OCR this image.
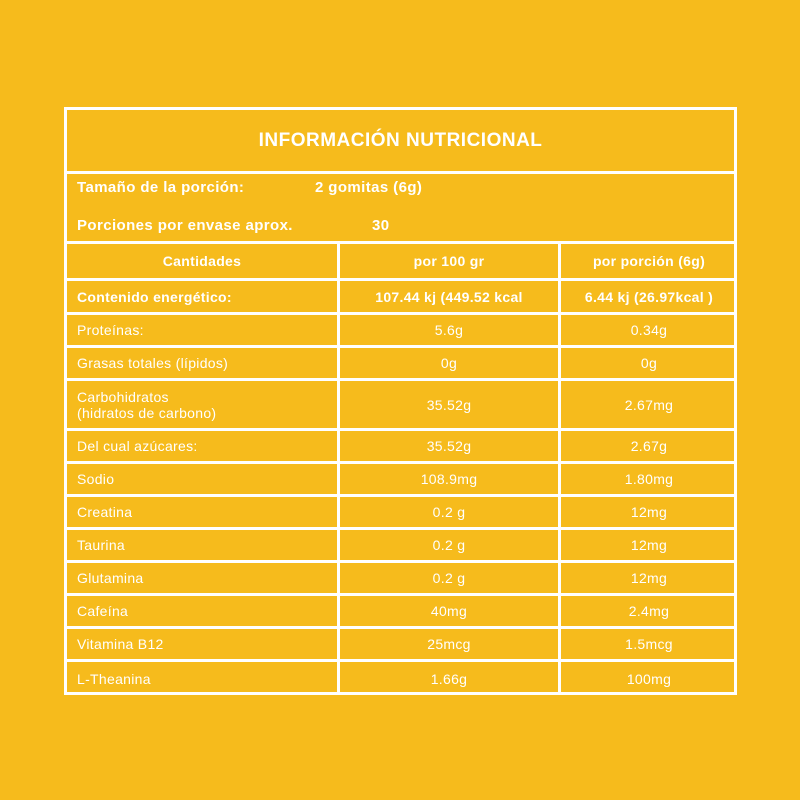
INFORMACIÓN NUTRICIONAL
Tamaño de la porción:	2 gomitas (6g)
Porciones por envase aprox.	30
Cantidades	por 100 gr	por porción (6g)
Contenido energético:	107.44 kj (449.52 kcal	6.44 kj (26.97kcal )
Proteínas:	5.6g	0.34g
Grasas totales (lípidos)	0g	0g
Carbohidratos
(hidratos de carbono)	35.52g	2.67mg
Del cual azúcares:	35.52g	2.67g
Sodio	108.9mg	1.80mg
Creatina	0.2 g	12mg
Taurina	0.2 g	12mg
Glutamina	0.2 g	12mg
Cafeína	40mg	2.4mg
Vitamina B12	25mcg	1.5mcg
L-Theanina	1.66g	100mg
